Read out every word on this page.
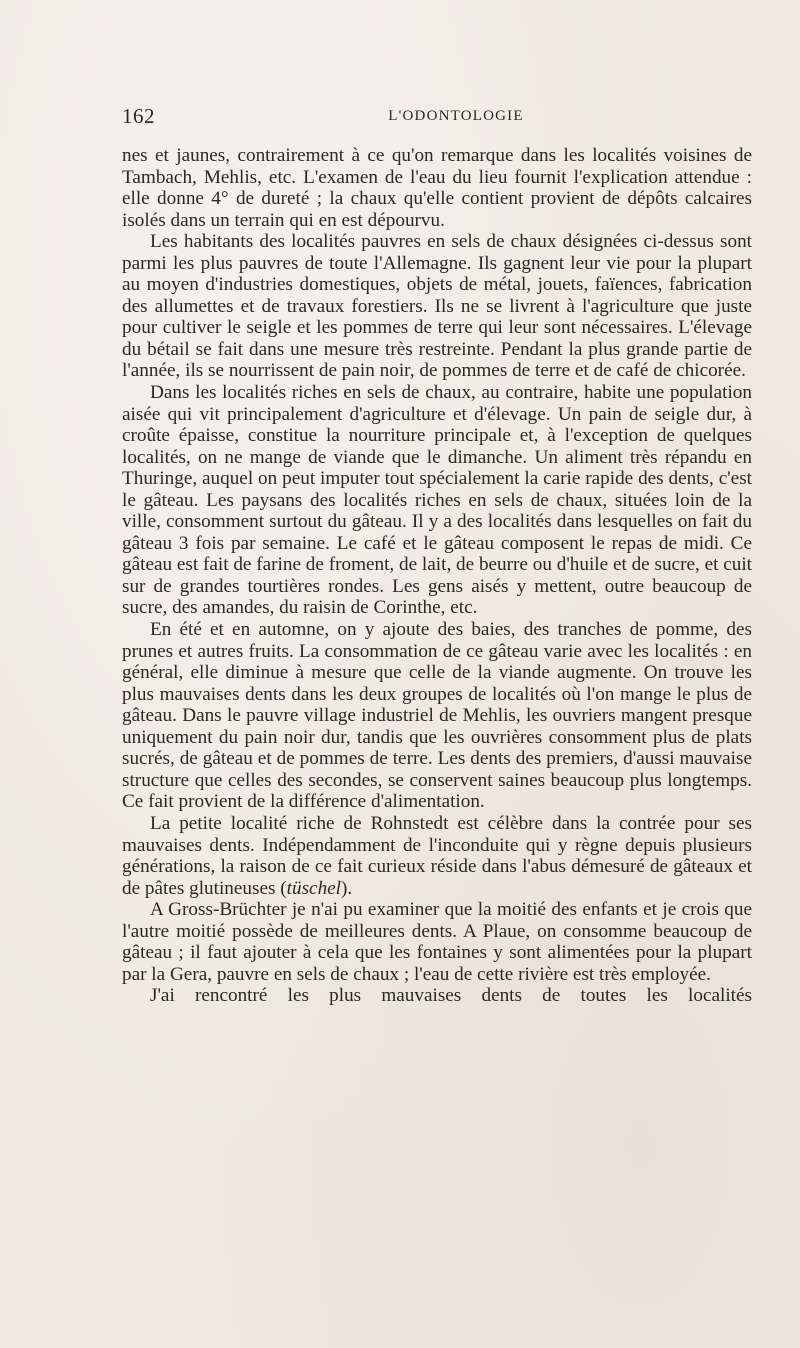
162	L'ODONTOLOGIE

nes et jaunes, contrairement à ce qu'on remarque dans les localités voisines de Tambach, Mehlis, etc. L'examen de l'eau du lieu fournit l'explication attendue : elle donne 4° de dureté ; la chaux qu'elle contient provient de dépôts calcaires isolés dans un terrain qui en est dépourvu.

Les habitants des localités pauvres en sels de chaux désignées ci-dessus sont parmi les plus pauvres de toute l'Allemagne. Ils gagnent leur vie pour la plupart au moyen d'industries domestiques, objets de métal, jouets, faïences, fabrication des allumettes et de travaux forestiers. Ils ne se livrent à l'agriculture que juste pour cultiver le seigle et les pommes de terre qui leur sont nécessaires. L'élevage du bétail se fait dans une mesure très restreinte. Pendant la plus grande partie de l'année, ils se nourrissent de pain noir, de pommes de terre et de café de chicorée.

Dans les localités riches en sels de chaux, au contraire, habite une population aisée qui vit principalement d'agriculture et d'élevage. Un pain de seigle dur, à croûte épaisse, constitue la nourriture principale et, à l'exception de quelques localités, on ne mange de viande que le dimanche. Un aliment très répandu en Thuringe, auquel on peut imputer tout spécialement la carie rapide des dents, c'est le gâteau. Les paysans des localités riches en sels de chaux, situées loin de la ville, consomment surtout du gâteau. Il y a des localités dans lesquelles on fait du gâteau 3 fois par semaine. Le café et le gâteau composent le repas de midi. Ce gâteau est fait de farine de froment, de lait, de beurre ou d'huile et de sucre, et cuit sur de grandes tourtières rondes. Les gens aisés y mettent, outre beaucoup de sucre, des amandes, du raisin de Corinthe, etc.

En été et en automne, on y ajoute des baies, des tranches de pomme, des prunes et autres fruits. La consommation de ce gâteau varie avec les localités : en général, elle diminue à mesure que celle de la viande augmente. On trouve les plus mauvaises dents dans les deux groupes de localités où l'on mange le plus de gâteau. Dans le pauvre village industriel de Mehlis, les ouvriers mangent presque uniquement du pain noir dur, tandis que les ouvrières consomment plus de plats sucrés, de gâteau et de pommes de terre. Les dents des premiers, d'aussi mauvaise structure que celles des secondes, se conservent saines beaucoup plus longtemps. Ce fait provient de la différence d'alimentation.

La petite localité riche de Rohnstedt est célèbre dans la contrée pour ses mauvaises dents. Indépendamment de l'inconduite qui y règne depuis plusieurs générations, la raison de ce fait curieux réside dans l'abus démesuré de gâteaux et de pâtes glutineuses (tüschel).

A Gross-Brüchter je n'ai pu examiner que la moitié des enfants et je crois que l'autre moitié possède de meilleures dents. A Plaue, on consomme beaucoup de gâteau ; il faut ajouter à cela que les fontaines y sont alimentées pour la plupart par la Gera, pauvre en sels de chaux ; l'eau de cette rivière est très employée.

J'ai rencontré les plus mauvaises dents de toutes les localités
